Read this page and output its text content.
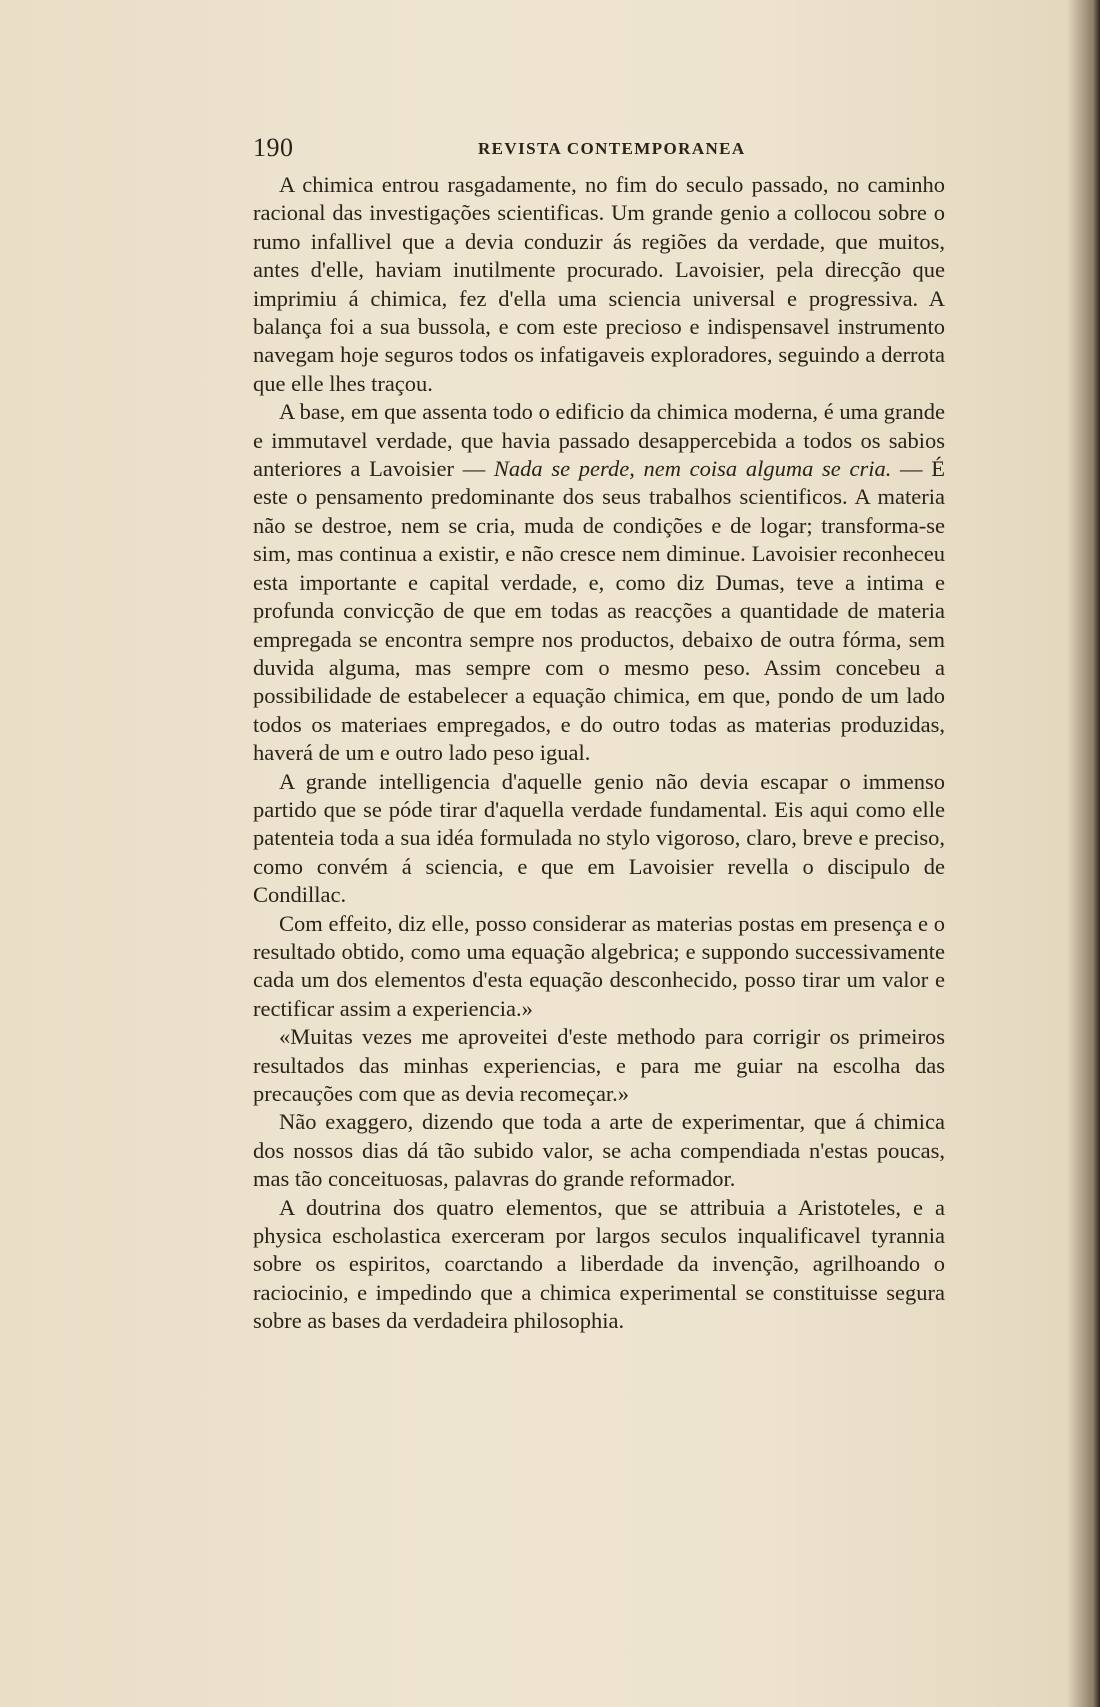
190	REVISTA CONTEMPORANEA

A chimica entrou rasgadamente, no fim do seculo passado, no caminho racional das investigações scientificas. Um grande genio a collocou sobre o rumo infallivel que a devia conduzir ás regiões da verdade, que muitos, antes d'elle, haviam inutilmente procurado. Lavoisier, pela direcção que imprimiu á chimica, fez d'ella uma sciencia universal e progressiva. A balança foi a sua bussola, e com este precioso e indispensavel instrumento navegam hoje seguros todos os infatigaveis exploradores, seguindo a derrota que elle lhes traçou.

A base, em que assenta todo o edificio da chimica moderna, é uma grande e immutavel verdade, que havia passado desappercebida a todos os sabios anteriores a Lavoisier — Nada se perde, nem coisa alguma se cria. — É este o pensamento predominante dos seus trabalhos scientificos. A materia não se destroe, nem se cria, muda de condições e de logar; transforma-se sim, mas continua a existir, e não cresce nem diminue. Lavoisier reconheceu esta importante e capital verdade, e, como diz Dumas, teve a intima e profunda convicção de que em todas as reacções a quantidade de materia empregada se encontra sempre nos productos, debaixo de outra fórma, sem duvida alguma, mas sempre com o mesmo peso. Assim concebeu a possibilidade de estabelecer a equação chimica, em que, pondo de um lado todos os materiaes empregados, e do outro todas as materias produzidas, haverá de um e outro lado peso igual.

A grande intelligencia d'aquelle genio não devia escapar o immenso partido que se póde tirar d'aquella verdade fundamental. Eis aqui como elle patenteia toda a sua idéa formulada no stylo vigoroso, claro, breve e preciso, como convém á sciencia, e que em Lavoisier revella o discipulo de Condillac.

Com effeito, diz elle, posso considerar as materias postas em presença e o resultado obtido, como uma equação algebrica; e suppondo successivamente cada um dos elementos d'esta equação desconhecido, posso tirar um valor e rectificar assim a experiencia.»

«Muitas vezes me aproveitei d'este methodo para corrigir os primeiros resultados das minhas experiencias, e para me guiar na escolha das precauções com que as devia recomeçar.»

Não exaggero, dizendo que toda a arte de experimentar, que á chimica dos nossos dias dá tão subido valor, se acha compendiada n'estas poucas, mas tão conceituosas, palavras do grande reformador.

A doutrina dos quatro elementos, que se attribuia a Aristoteles, e a physica escholastica exerceram por largos seculos inqualificavel tyrannia sobre os espiritos, coarctando a liberdade da invenção, agrilhoando o raciocinio, e impedindo que a chimica experimental se constituisse segura sobre as bases da verdadeira philosophia.
